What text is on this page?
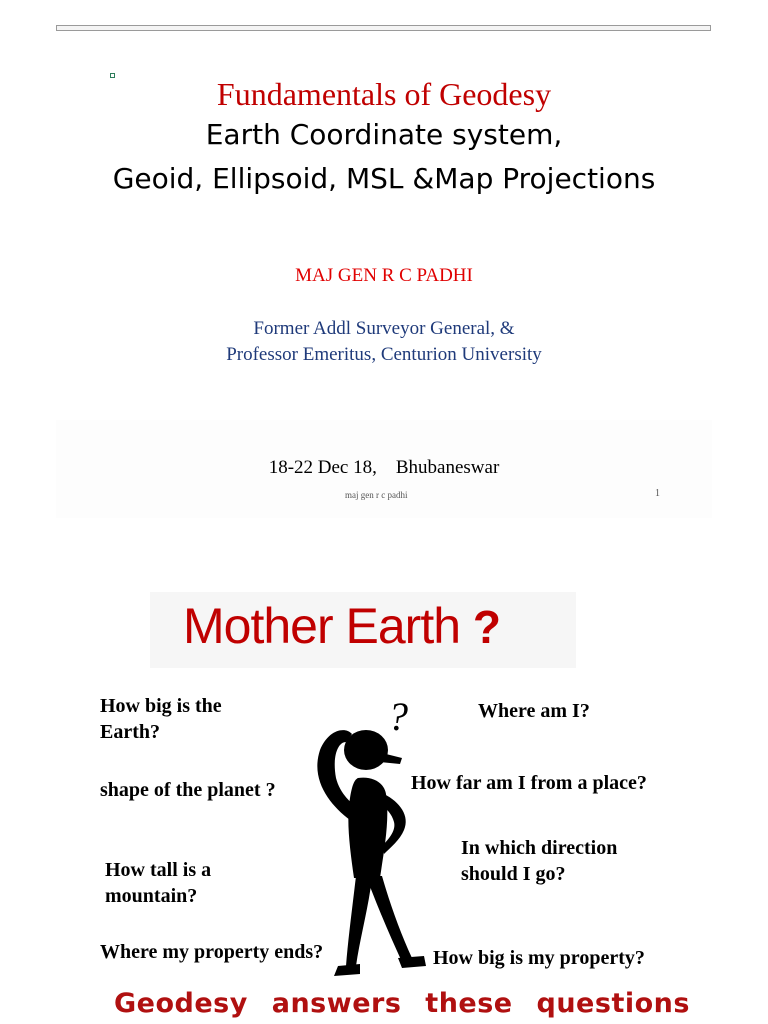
Fundamentals of Geodesy
Earth Coordinate system,
Geoid, Ellipsoid, MSL &Map Projections
MAJ GEN R C PADHI
Former Addl Surveyor General, &
Professor Emeritus, Centurion University
18-22 Dec 18,    Bhubaneswar
maj gen r c padhi	1
Mother Earth ?
How big is the
Earth?
Where am I?
shape of the planet ?	How far am I from a place?
In which direction
should I go?
How tall is a
mountain?
Where my property ends?	How big is my property?
?
Geodesy answers these questions
